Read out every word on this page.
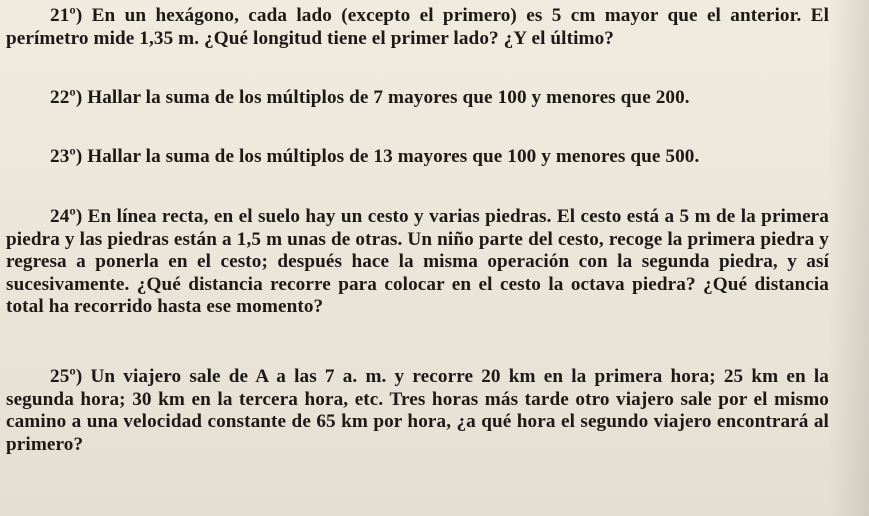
21º) En un hexágono, cada lado (excepto el primero) es 5 cm mayor que el anterior. El perímetro mide 1,35 m. ¿Qué longitud tiene el primer lado? ¿Y el último?

22º) Hallar la suma de los múltiplos de 7 mayores que 100 y menores que 200.

23º) Hallar la suma de los múltiplos de 13 mayores que 100 y menores que 500.

24º) En línea recta, en el suelo hay un cesto y varias piedras. El cesto está a 5 m de la primera piedra y las piedras están a 1,5 m unas de otras. Un niño parte del cesto, recoge la primera piedra y regresa a ponerla en el cesto; después hace la misma operación con la segunda piedra, y así sucesivamente. ¿Qué distancia recorre para colocar en el cesto la octava piedra? ¿Qué distancia total ha recorrido hasta ese momento?

25º) Un viajero sale de A a las 7 a. m. y recorre 20 km en la primera hora; 25 km en la segunda hora; 30 km en la tercera hora, etc. Tres horas más tarde otro viajero sale por el mismo camino a una velocidad constante de 65 km por hora, ¿a qué hora el segundo viajero encontrará al primero?
